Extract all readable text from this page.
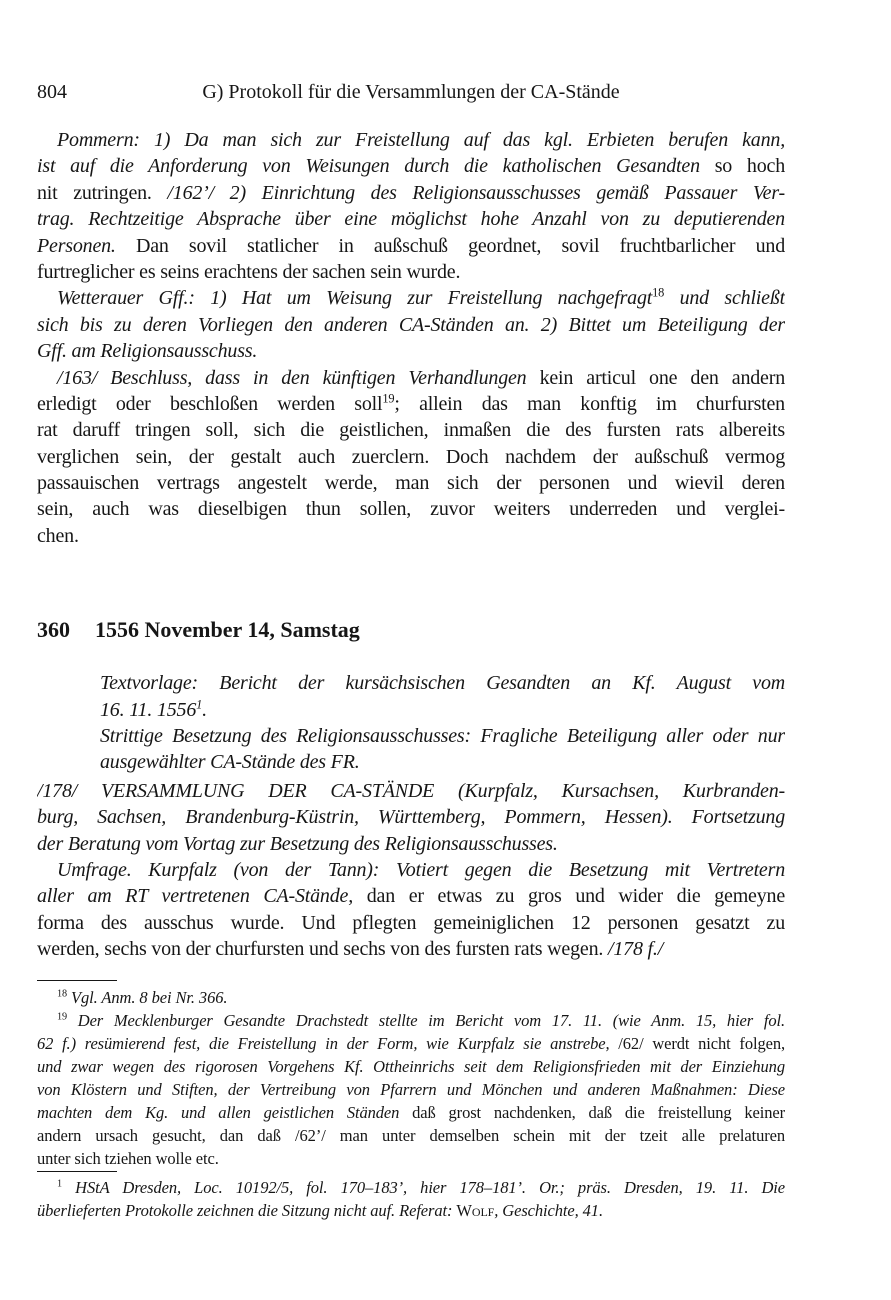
804	G) Protokoll für die Versammlungen der CA-Stände
Pommern: 1) Da man sich zur Freistellung auf das kgl. Erbieten berufen kann,
ist auf die Anforderung von Weisungen durch die katholischen Gesandten so hoch
nit zutringen. /162’/ 2) Einrichtung des Religionsausschusses gemäß Passauer Ver-
trag. Rechtzeitige Absprache über eine möglichst hohe Anzahl von zu deputierenden
Personen. Dan sovil statlicher in außschuß geordnet, sovil fruchtbarlicher und
furtreglicher es seins erachtens der sachen sein wurde.
Wetterauer Gff.: 1) Hat um Weisung zur Freistellung nachgefragt$^{18}$ und schließt
sich bis zu deren Vorliegen den anderen CA-Ständen an. 2) Bittet um Beteiligung der
Gff. am Religionsausschuss.
/163/ Beschluss, dass in den künftigen Verhandlungen kein articul one den andern
erledigt oder beschloßen werden soll$^{19}$; allein das man konftig im churfursten
rat daruff tringen soll, sich die geistlichen, inmaßen die des fursten rats albereits
verglichen sein, der gestalt auch zuerclern. Doch nachdem der außschuß vermog
passauischen vertrags angestelt werde, man sich der personen und wievil deren
sein, auch was dieselbigen thun sollen, zuvor weiters underreden und verglei-
chen.
360 1556 November 14, Samstag
Textvorlage: Bericht der kursächsischen Gesandten an Kf. August vom
16. 11. 1556$^1$.
Strittige Besetzung des Religionsausschusses: Fragliche Beteiligung aller oder nur
ausgewählter CA-Stände des FR.
/178/ VERSAMMLUNG DER CA-STÄNDE (Kurpfalz, Kursachsen, Kurbranden-
burg, Sachsen, Brandenburg-Küstrin, Württemberg, Pommern, Hessen). Fortsetzung
der Beratung vom Vortag zur Besetzung des Religionsausschusses.
Umfrage. Kurpfalz (von der Tann): Votiert gegen die Besetzung mit Vertretern
aller am RT vertretenen CA-Stände, dan er etwas zu gros und wider die gemeyne
forma des ausschus wurde. Und pflegten gemeiniglichen 12 personen gesatzt zu
werden, sechs von der churfursten und sechs von des fursten rats wegen. /178 f./
$^{18}$ Vgl. Anm. 8 bei Nr. 366.
$^{19}$ Der Mecklenburger Gesandte Drachstedt stellte im Bericht vom 17. 11. (wie Anm. 15, hier fol.
62 f.) resümierend fest, die Freistellung in der Form, wie Kurpfalz sie anstrebe, /62/ werdt nicht folgen,
und zwar wegen des rigorosen Vorgehens Kf. Ottheinrichs seit dem Religionsfrieden mit der Einziehung
von Klöstern und Stiften, der Vertreibung von Pfarrern und Mönchen und anderen Maßnahmen: Diese
machten dem Kg. und allen geistlichen Ständen daß grost nachdenken, daß die freistellung keiner
andern ursach gesucht, dan daß /62’/ man unter demselben schein mit der tzeit alle prelaturen
unter sich tziehen wolle etc.
$^1$ HStA Dresden, Loc. 10192/5, fol. 170–183’, hier 178–181’. Or.; präs. Dresden, 19. 11. Die
überlieferten Protokolle zeichnen die Sitzung nicht auf. Referat: Wolf, Geschichte, 41.
